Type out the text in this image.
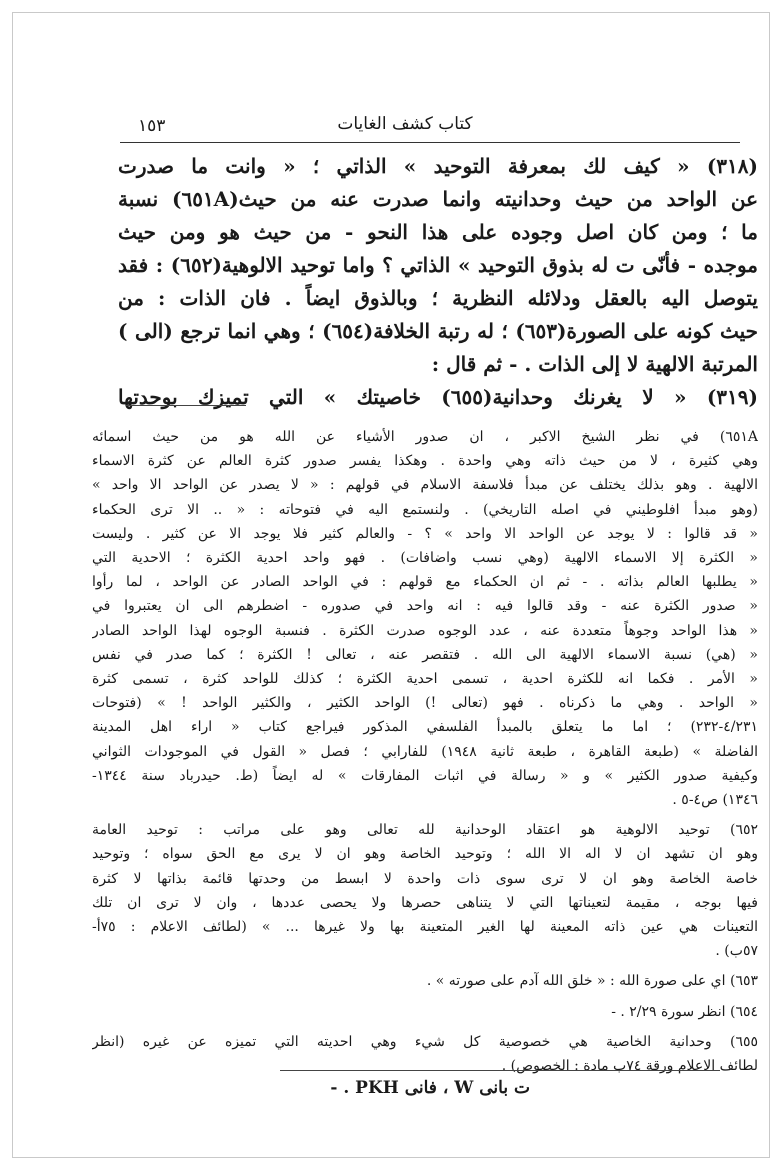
كتاب كشف الغايات
١٥٣
(٣١٨) « كيف لك بمعرفة التوحيد » الذاتي ؛ « وانت ما صدرت
عن الواحد من حيث وحدانيته وانما صدرت عنه من حيث(٦٥١A) نسبة
ما ؛ ومن كان اصل وجوده على هذا النحو - من حيث هو ومن حيث
موجده - فأنّى ت له بذوق التوحيد » الذاتي ؟ واما توحيد الالوهية(٦٥٢) : فقد
يتوصل اليه بالعقل ودلائله النظرية ؛ وبالذوق ايضاً . فان الذات : من
حيث كونه على الصورة(٦٥٣) ؛ له رتبة الخلافة(٦٥٤) ؛ وهي انما ترجع (الى )
المرتبة الالهية لا إلى الذات . - ثم قال :
(٣١٩) « لا يغرنك وحدانية(٦٥٥) خاصيتك » التي تميزك بوحدتها
٦٥١A) في نظر الشيخ الاكبر ، ان صدور الأشياء عن الله هو من حيث اسمائه
وهي كثيرة ، لا من حيث ذاته وهي واحدة . وهكذا يفسر صدور كثرة العالم عن كثرة الاسماء
الالهية . وهو بذلك يختلف عن مبدأ فلاسفة الاسلام في قولهم : « لا يصدر عن الواحد الا واحد »
(وهو مبدأ افلوطيني في اصله التاريخي) . ولنستمع اليه في فتوحاته : « .. الا ترى الحكماء
« قد قالوا : لا يوجد عن الواحد الا واحد » ؟ - والعالم كثير فلا يوجد الا عن كثير . وليست
« الكثرة إلا الاسماء الالهية (وهي نسب واضافات) . فهو واحد احدية الكثرة ؛ الاحدية التي
« يطلبها العالم بذاته . - ثم ان الحكماء مع قولهم : في الواحد الصادر عن الواحد ، لما رأوا
« صدور الكثرة عنه - وقد قالوا فيه : انه واحد في صدوره - اضطرهم الى ان يعتبروا في
« هذا الواحد وجوهاً متعددة عنه ، عدد الوجوه صدرت الكثرة . فنسبة الوجوه لهذا الواحد الصادر
« (هي) نسبة الاسماء الالهية الى الله . فتقصر عنه ، تعالى ! الكثرة ؛ كما صدر في نفس
« الأمر . فكما انه للكثرة احدية ، تسمى احدية الكثرة ؛ كذلك للواحد كثرة ، تسمى كثرة
« الواحد . وهي ما ذكرناه . فهو (تعالى !) الواحد الكثير ، والكثير الواحد ! » (فتوحات
٤/٢٣١-٢٣٢) ؛ اما ما يتعلق بالمبدأ الفلسفي المذكور فيراجع كتاب « اراء اهل المدينة
الفاضلة » (طبعة القاهرة ، طبعة ثانية ١٩٤٨) للفارابي ؛ فصل « القول في الموجودات الثواني
وكيفية صدور الكثير » و « رسالة في اثبات المفارقات » له ايضاً (ط. حيدرباد سنة ١٣٤٤-
١٣٤٦) ص٤-٥ .
٦٥٢) توحيد الالوهية هو اعتقاد الوحدانية لله تعالى وهو على مراتب : توحيد العامة
وهو ان تشهد ان لا اله الا الله ؛ وتوحيد الخاصة وهو ان لا يرى مع الحق سواه ؛ وتوحيد
خاصة الخاصة وهو ان لا ترى سوى ذات واحدة لا ابسط من وحدتها قائمة بذاتها لا كثرة
فيها بوجه ، مقيمة لتعيناتها التي لا يتناهى حصرها ولا يحصى عددها ، وان لا ترى ان تلك
التعينات هي عين ذاته المعينة لها الغير المتعينة بها ولا غيرها ... » (لطائف الاعلام : ٧٥أ-
٥٧ب) .
٦٥٣) اي على صورة الله : « خلق الله آدم على صورته » .
٦٥٤) انظر سورة ٢/٢٩ . -
٦٥٥) وحدانية الخاصية هي خصوصية كل شيء وهي احديته التي تميزه عن غيره (انظر
لطائف الاعلام ورقة ٧٤ب مادة : الخصوص) .
ت بانى W ، فانى PKH . -
